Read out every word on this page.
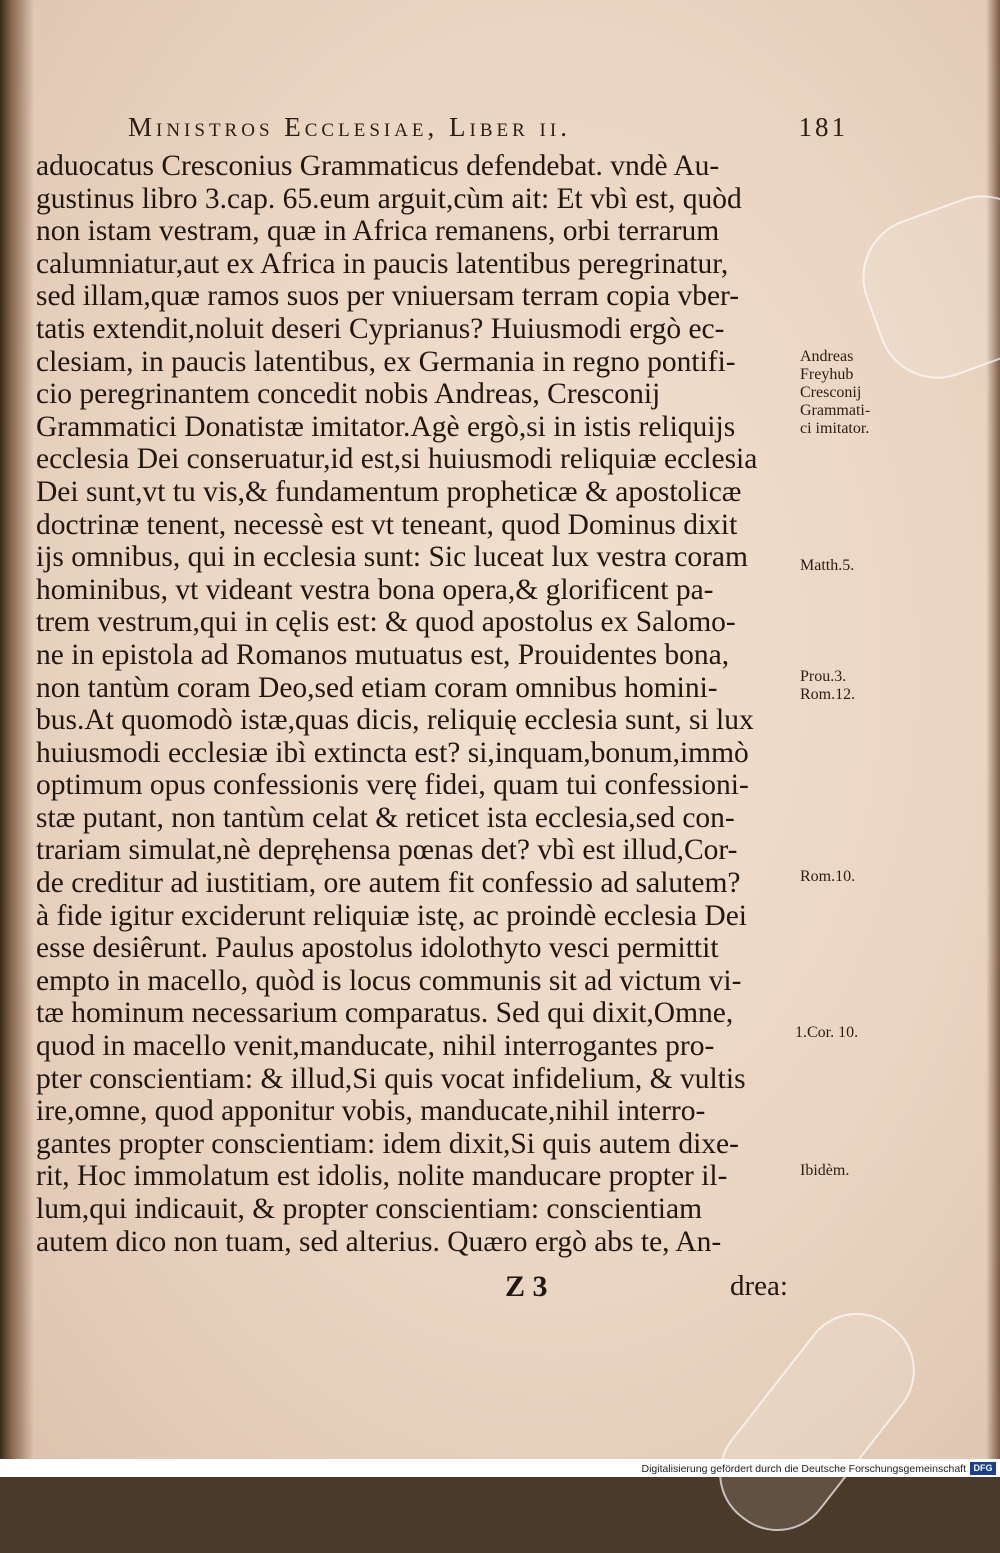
Ministros Ecclesiae, Liber ii.	181
aduocatus Cresconius Grammaticus defendebat. vndè Au-
gustinus libro 3.cap. 65.eum arguit,cùm ait: Et vbì est, quòd
non istam vestram, quæ in Africa remanens, orbi terrarum
calumniatur,aut ex Africa in paucis latentibus peregrinatur,
sed illam,quæ ramos suos per vniuersam terram copia vber-
tatis extendit,noluit deseri Cyprianus? Huiusmodi ergò ec-
clesiam, in paucis latentibus, ex Germania in regno pontifi-
cio peregrinantem concedit nobis Andreas, Cresconij
Grammatici Donatistæ imitator.Agè ergò,si in istis reliquijs
ecclesia Dei conseruatur,id est,si huiusmodi reliquiæ ecclesia
Dei sunt,vt tu vis,& fundamentum propheticæ & apostolicæ
doctrinæ tenent, necessè est vt teneant, quod Dominus dixit
ijs omnibus, qui in ecclesia sunt: Sic luceat lux vestra coram
hominibus, vt videant vestra bona opera,& glorificent pa-
trem vestrum,qui in cęlis est: & quod apostolus ex Salomo-
ne in epistola ad Romanos mutuatus est, Prouidentes bona,
non tantùm coram Deo,sed etiam coram omnibus homini-
bus.At quomodò istæ,quas dicis, reliquię ecclesia sunt, si lux
huiusmodi ecclesiæ ibì extincta est? si,inquam,bonum,immò
optimum opus confessionis verę fidei, quam tui confessioni-
stæ putant, non tantùm celat & reticet ista ecclesia,sed con-
trariam simulat,nè depręhensa pœnas det? vbì est illud,Cor-
de creditur ad iustitiam, ore autem fit confessio ad salutem?
à fide igitur exciderunt reliquiæ istę, ac proindè ecclesia Dei
esse desiêrunt. Paulus apostolus idolothyto vesci permittit
empto in macello, quòd is locus communis sit ad victum vi-
tæ hominum necessarium comparatus. Sed qui dixit,Omne,
quod in macello venit,manducate, nihil interrogantes pro-
pter conscientiam: & illud,Si quis vocat infidelium, & vultis
ire,omne, quod apponitur vobis, manducate,nihil interro-
gantes propter conscientiam: idem dixit,Si quis autem dixe-
rit, Hoc immolatum est idolis, nolite manducare propter il-
lum,qui indicauit, & propter conscientiam: conscientiam
autem dico non tuam, sed alterius. Quæro ergò abs te, An-
Andreas
Freyhub
Cresconij
Grammati-
ci imitator.
Matth.5.
Prou.3.
Rom.12.
Rom.10.
1.Cor. 10.
Ibidèm.
Z 3	drea:
Digitalisierung gefördert durch die Deutsche Forschungsgemeinschaft DFG
